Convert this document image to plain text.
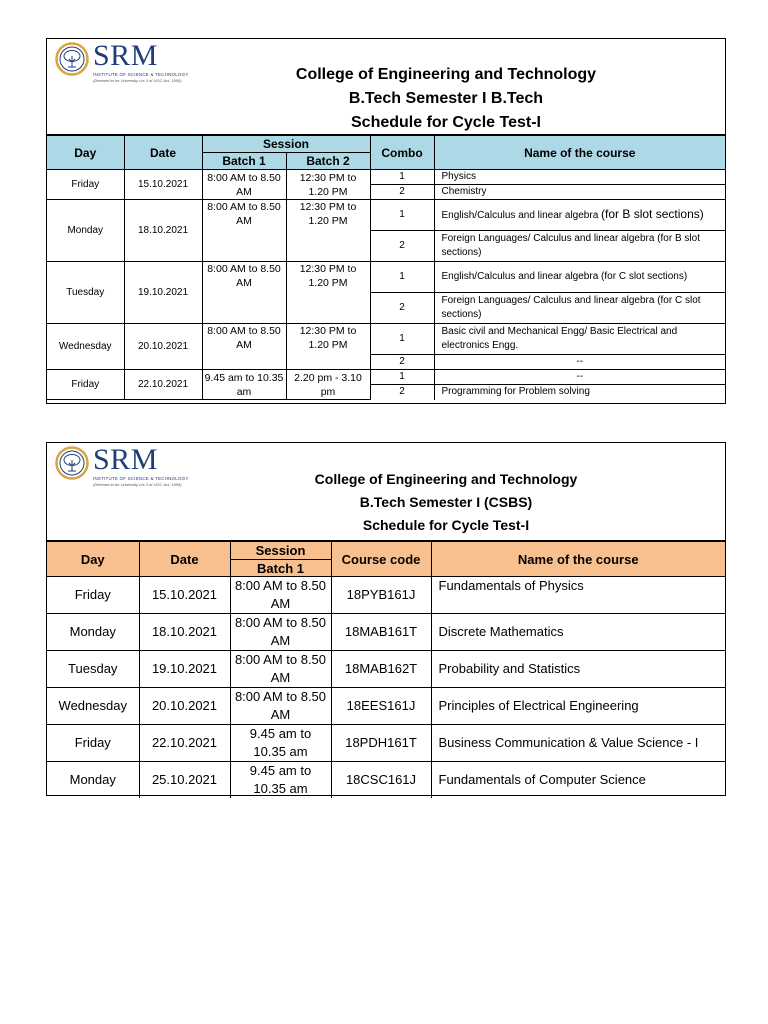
SRM
INSTITUTE OF SCIENCE & TECHNOLOGY
(Deemed to be University u/s 3 of UGC Act, 1956)	College of Engineering and Technology
B.Tech Semester I B.Tech
Schedule for Cycle Test-I
Day	Date	Session		Combo	Name of the course
		Batch 1	Batch 2		
Friday	15.10.2021	8:00 AM to 8.50 AM	12:30 PM to 1.20 PM	1	Physics
				2	Chemistry
Monday	18.10.2021	8:00 AM to 8.50 AM	12:30 PM to 1.20 PM	1	English/Calculus and linear algebra (for B slot sections)
				2	Foreign Languages/ Calculus and linear algebra (for B slot sections)
Tuesday	19.10.2021	8:00 AM to 8.50 AM	12:30 PM to 1.20 PM	1	English/Calculus and linear algebra (for C slot sections)
				2	Foreign Languages/ Calculus and linear algebra (for C slot sections)
Wednesday	20.10.2021	8:00 AM to 8.50 AM	12:30 PM to 1.20 PM	1	Basic civil and Mechanical Engg/ Basic Electrical and electronics Engg.
				2	--
Friday	22.10.2021	9.45 am to 10.35 am	2.20 pm - 3.10 pm	1	--
				2	Programming for Problem solving
SRM
INSTITUTE OF SCIENCE & TECHNOLOGY
(Deemed to be University u/s 3 of UGC Act, 1956)	College of Engineering and Technology
B.Tech Semester I (CSBS)
Schedule for Cycle Test-I
Day	Date	Session	Course code	Name of the course
		Batch 1		
Friday	15.10.2021	8:00 AM to 8.50 AM	18PYB161J	Fundamentals of Physics
Monday	18.10.2021	8:00 AM to 8.50 AM	18MAB161T	Discrete Mathematics
Tuesday	19.10.2021	8:00 AM to 8.50 AM	18MAB162T	Probability and Statistics
Wednesday	20.10.2021	8:00 AM to 8.50 AM	18EES161J	Principles of Electrical Engineering
Friday	22.10.2021	9.45 am to 10.35 am	18PDH161T	Business Communication & Value Science - I
Monday	25.10.2021	9.45 am to 10.35 am	18CSC161J	Fundamentals of Computer Science
